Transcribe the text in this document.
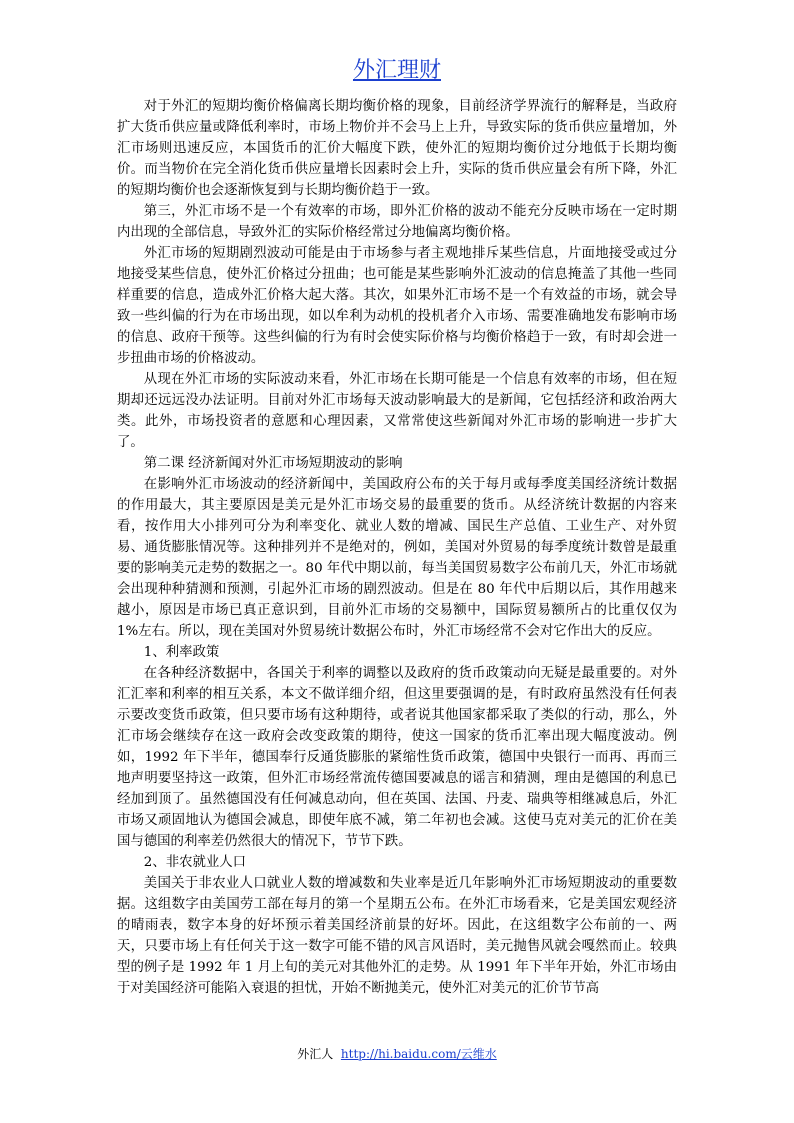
外汇理财

对于外汇的短期均衡价格偏离长期均衡价格的现象，目前经济学界流行的解释是，当政府扩大货币供应量或降低利率时，市场上物价并不会马上上升，导致实际的货币供应量增加，外汇市场则迅速反应，本国货币的汇价大幅度下跌，使外汇的短期均衡价过分地低于长期均衡价。而当物价在完全消化货币供应量增长因素时会上升，实际的货币供应量会有所下降，外汇的短期均衡价也会逐渐恢复到与长期均衡价趋于一致。

第三，外汇市场不是一个有效率的市场，即外汇价格的波动不能充分反映市场在一定时期内出现的全部信息，导致外汇的实际价格经常过分地偏离均衡价格。

外汇市场的短期剧烈波动可能是由于市场参与者主观地排斥某些信息，片面地接受或过分地接受某些信息，使外汇价格过分扭曲；也可能是某些影响外汇波动的信息掩盖了其他一些同样重要的信息，造成外汇价格大起大落。其次，如果外汇市场不是一个有效益的市场，就会导致一些纠偏的行为在市场出现，如以牟利为动机的投机者介入市场、需要准确地发布影响市场的信息、政府干预等。这些纠偏的行为有时会使实际价格与均衡价格趋于一致，有时却会进一步扭曲市场的价格波动。

从现在外汇市场的实际波动来看，外汇市场在长期可能是一个信息有效率的市场，但在短期却还远远没办法证明。目前对外汇市场每天波动影响最大的是新闻，它包括经济和政治两大类。此外，市场投资者的意愿和心理因素，又常常使这些新闻对外汇市场的影响进一步扩大了。

第二课 经济新闻对外汇市场短期波动的影响

在影响外汇市场波动的经济新闻中，美国政府公布的关于每月或每季度美国经济统计数据的作用最大，其主要原因是美元是外汇市场交易的最重要的货币。从经济统计数据的内容来看，按作用大小排列可分为利率变化、就业人数的增减、国民生产总值、工业生产、对外贸易、通货膨胀情况等。这种排列并不是绝对的，例如，美国对外贸易的每季度统计数曾是最重要的影响美元走势的数据之一。80 年代中期以前，每当美国贸易数字公布前几天，外汇市场就会出现种种猜测和预测，引起外汇市场的剧烈波动。但是在 80 年代中后期以后，其作用越来越小，原因是市场已真正意识到，目前外汇市场的交易额中，国际贸易额所占的比重仅仅为 1%左右。所以，现在美国对外贸易统计数据公布时，外汇市场经常不会对它作出大的反应。

1、利率政策

在各种经济数据中，各国关于利率的调整以及政府的货币政策动向无疑是最重要的。对外汇汇率和利率的相互关系，本文不做详细介绍，但这里要强调的是，有时政府虽然没有任何表示要改变货币政策，但只要市场有这种期待，或者说其他国家都采取了类似的行动，那么，外汇市场会继续存在这一政府会改变政策的期待，使这一国家的货币汇率出现大幅度波动。例如，1992 年下半年，德国奉行反通货膨胀的紧缩性货币政策，德国中央银行一而再、再而三地声明要坚持这一政策，但外汇市场经常流传德国要减息的谣言和猜测，理由是德国的利息已经加到顶了。虽然德国没有任何减息动向，但在英国、法国、丹麦、瑞典等相继减息后，外汇市场又顽固地认为德国会减息，即使年底不减，第二年初也会减。这使马克对美元的汇价在美国与德国的利率差仍然很大的情况下，节节下跌。

2、非农就业人口

美国关于非农业人口就业人数的增减数和失业率是近几年影响外汇市场短期波动的重要数据。这组数字由美国劳工部在每月的第一个星期五公布。在外汇市场看来，它是美国宏观经济的晴雨表，数字本身的好坏预示着美国经济前景的好坏。因此，在这组数字公布前的一、两天，只要市场上有任何关于这一数字可能不错的风言风语时，美元抛售风就会嘎然而止。较典型的例子是 1992 年 1 月上旬的美元对其他外汇的走势。从 1991 年下半年开始，外汇市场由于对美国经济可能陷入衰退的担忧，开始不断抛美元，使外汇对美元的汇价节节高

外汇人 http://hi.baidu.com/云维水
